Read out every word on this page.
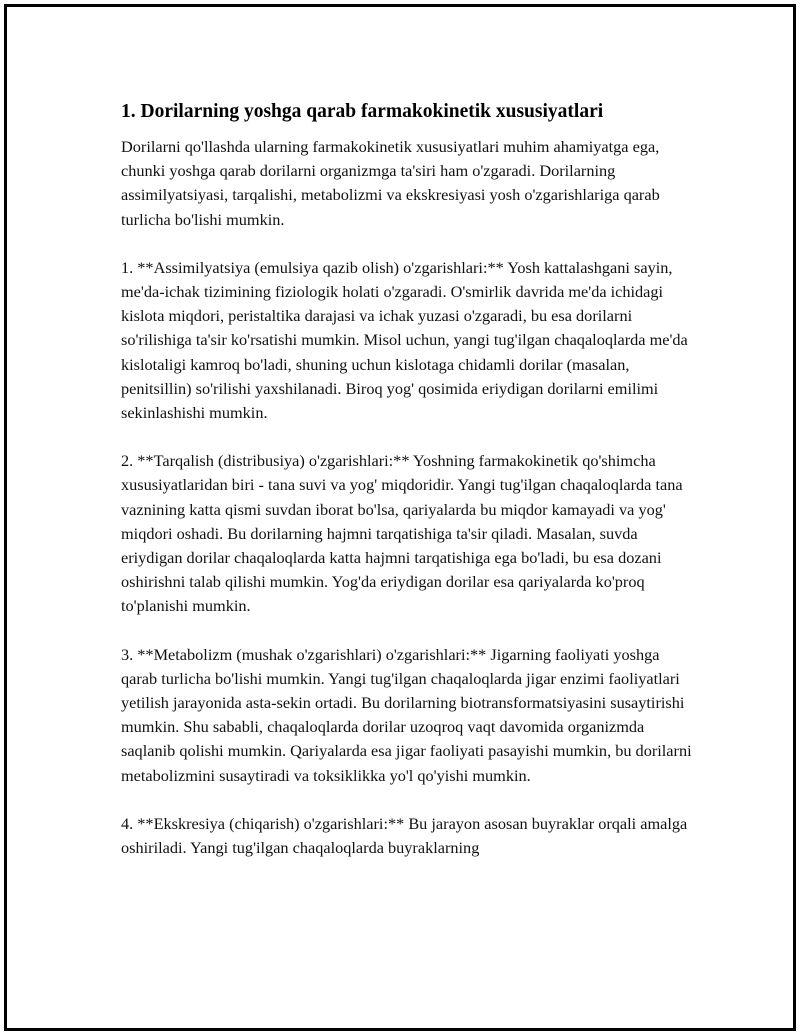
1. Dorilarning yoshga qarab farmakokinetik xususiyatlari

Dorilarni qo'llashda ularning farmakokinetik xususiyatlari muhim ahamiyatga ega, chunki yoshga qarab dorilarni organizmga ta'siri ham o'zgaradi. Dorilarning assimilyatsiyasi, tarqalishi, metabolizmi va ekskresiyasi yosh o'zgarishlariga qarab turlicha bo'lishi mumkin.

1. **Assimilyatsiya (emulsiya qazib olish) o'zgarishlari:** Yosh kattalashgani sayin, me'da-ichak tizimining fiziologik holati o'zgaradi. O'smirlik davrida me'da ichidagi kislota miqdori, peristaltika darajasi va ichak yuzasi o'zgaradi, bu esa dorilarni so'rilishiga ta'sir ko'rsatishi mumkin. Misol uchun, yangi tug'ilgan chaqaloqlarda me'da kislotaligi kamroq bo'ladi, shuning uchun kislotaga chidamli dorilar (masalan, penitsillin) so'rilishi yaxshilanadi. Biroq yog' qosimida eriydigan dorilarni emilimi sekinlashishi mumkin.

2. **Tarqalish (distribusiya) o'zgarishlari:** Yoshning farmakokinetik qo'shimcha xususiyatlaridan biri - tana suvi va yog' miqdoridir. Yangi tug'ilgan chaqaloqlarda tana vaznining katta qismi suvdan iborat bo'lsa, qariyalarda bu miqdor kamayadi va yog' miqdori oshadi. Bu dorilarning hajmni tarqatishiga ta'sir qiladi. Masalan, suvda eriydigan dorilar chaqaloqlarda katta hajmni tarqatishiga ega bo'ladi, bu esa dozani oshirishni talab qilishi mumkin. Yog'da eriydigan dorilar esa qariyalarda ko'proq to'planishi mumkin.

3. **Metabolizm (mushak o'zgarishlari) o'zgarishlari:** Jigarning faoliyati yoshga qarab turlicha bo'lishi mumkin. Yangi tug'ilgan chaqaloqlarda jigar enzimi faoliyatlari yetilish jarayonida asta-sekin ortadi. Bu dorilarning biotransformatsiyasini susaytirishi mumkin. Shu sababli, chaqaloqlarda dorilar uzoqroq vaqt davomida organizmda saqlanib qolishi mumkin. Qariyalarda esa jigar faoliyati pasayishi mumkin, bu dorilarni metabolizmini susaytiradi va toksiklikka yo'l qo'yishi mumkin.

4. **Ekskresiya (chiqarish) o'zgarishlari:** Bu jarayon asosan buyraklar orqali amalga oshiriladi. Yangi tug'ilgan chaqaloqlarda buyraklarning
